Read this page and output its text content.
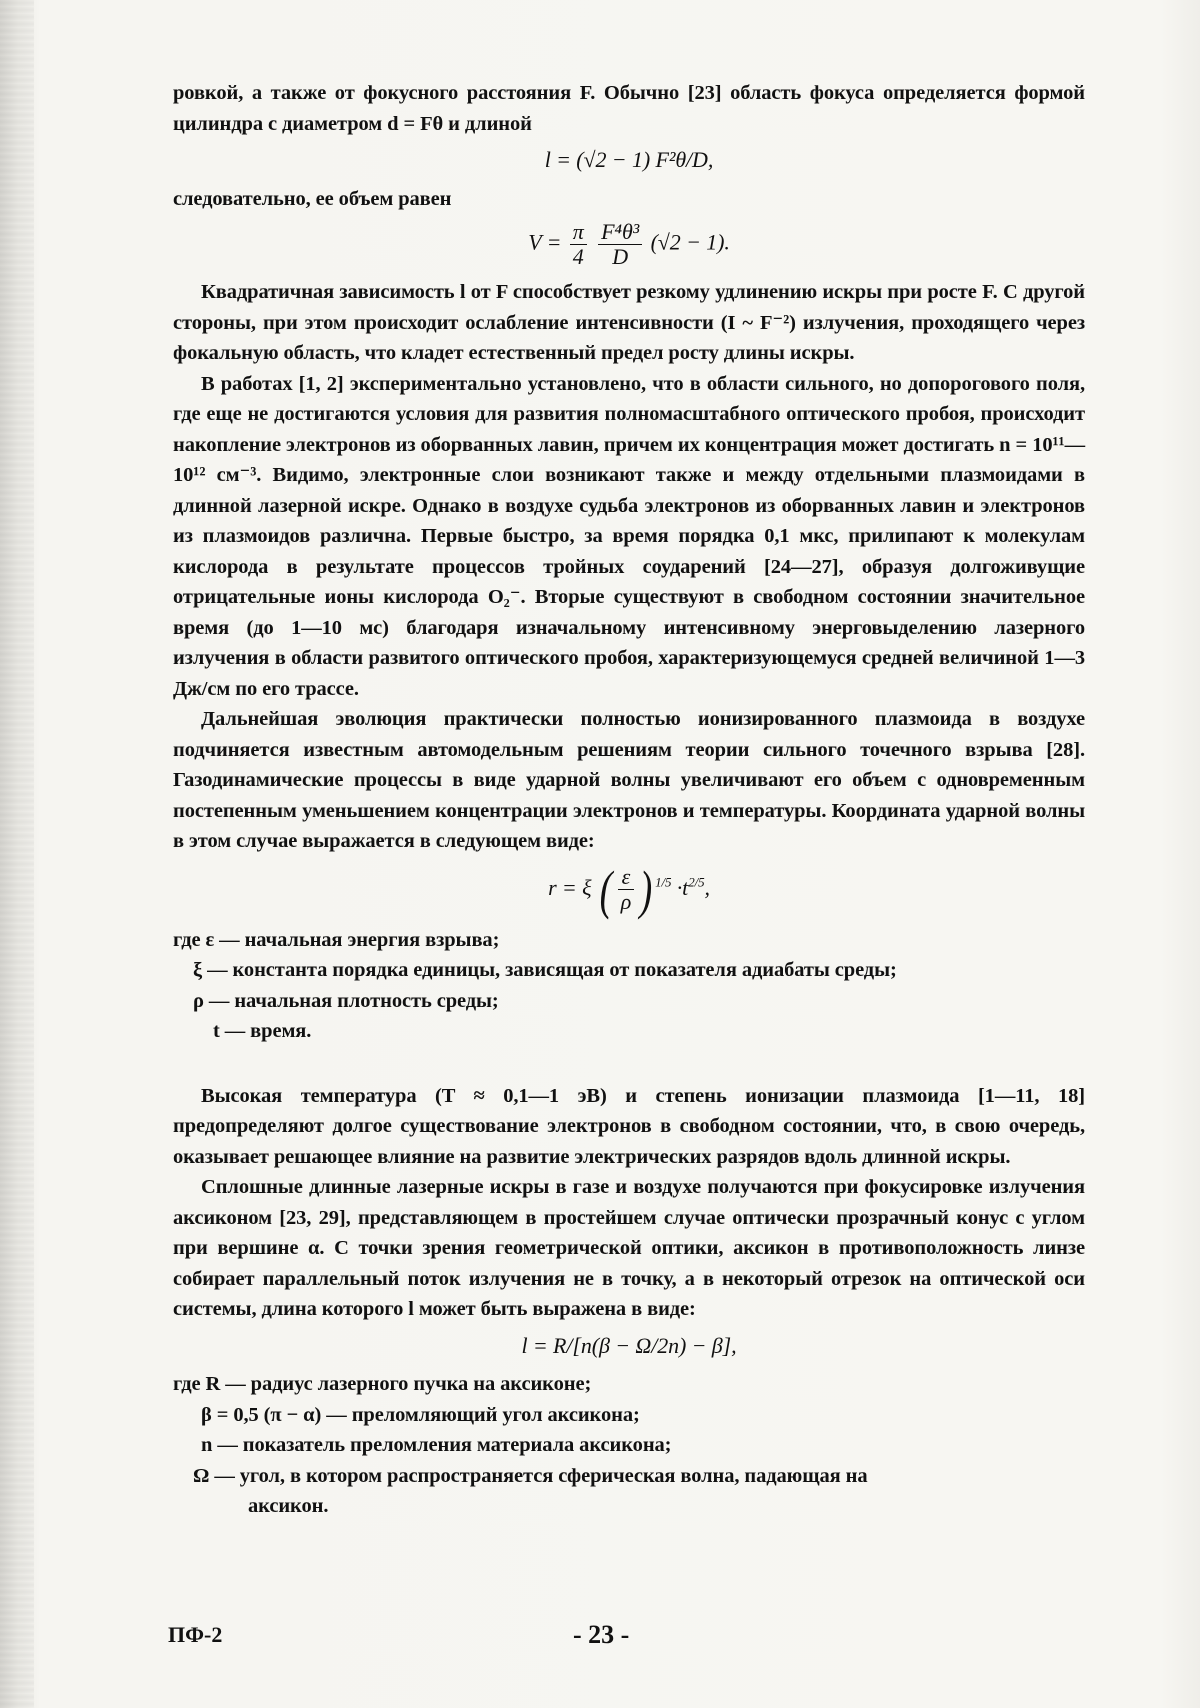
ровкой, а также от фокусного расстояния F. Обычно [23] область фокуса определяется формой цилиндра с диаметром d = Fθ и длиной

l = (√2 − 1) F²θ/D,

следовательно, ее объем равен

$V = \frac{\pi}{4}$
$\frac{\text{F⁴θ³}}{D} (√2 - 1)$.

Квадратичная зависимость l от F способствует резкому удлинению искры при росте F. С другой стороны, при этом происходит ослабление интенсивности (I ~ F⁻²) излучения, проходящего через фокальную область, что кладет естественный предел росту длины искры.

В работах [1, 2] экспериментально установлено, что в области сильного, но допорогового поля, где еще не достигаются условия для развития полномасштабного оптического пробоя, происходит накопление электронов из оборванных лавин, причем их концентрация может достигать n = 10¹¹—10¹² см⁻³. Видимо, электронные слои возникают также и между отдельными плазмоидами в длинной лазерной искре. Однако в воздухе судьба электронов из оборванных лавин и электронов из плазмоидов различна. Первые быстро, за время порядка 0,1 мкс, прилипают к молекулам кислорода в результате процессов тройных соударений [24—27], образуя долгоживущие отрицательные ионы кислорода O₂⁻. Вторые существуют в свободном состоянии значительное время (до 1—10 мс) благодаря изначальному интенсивному энерговыделению лазерного излучения в области развитого оптического пробоя, характеризующемуся средней величиной 1—3 Дж/см по его трассе.

Дальнейшая эволюция практически полностью ионизированного плазмоида в воздухе подчиняется известным автомодельным решениям теории сильного точечного взрыва [28]. Газодинамические процессы в виде ударной волны увеличивают его объем с одновременным постепенным уменьшением концентрации электронов и температуры. Координата ударной волны в этом случае выражается в следующем виде:

r = ξ ( $\frac{\varepsilon}{\rho}$ ) $^{1/5} \cdot t^{2/5}$,

где ε — начальная энергия взрыва;

ξ — константа порядка единицы, зависящая от показателя адиабаты среды;

ρ — начальная плотность среды;

t — время.

Высокая температура (T ≈ 0,1—1 эВ) и степень ионизации плазмоида [1—11, 18] предопределяют долгое существование электронов в свободном состоянии, что, в свою очередь, оказывает решающее влияние на развитие электрических разрядов вдоль длинной искры.

Сплошные длинные лазерные искры в газе и воздухе получаются при фокусировке излучения аксиконом [23, 29], представляющем в простейшем случае оптически прозрачный конус с углом при вершине α. С точки зрения геометрической оптики, аксикон в противоположность линзе собирает параллельный поток излучения не в точку, а в некоторый отрезок на оптической оси системы, длина которого l может быть выражена в виде:

l = R/[n(β − Ω/2n) − β],

где R — радиус лазерного пучка на аксиконе;

β = 0,5 (π − α) — преломляющий угол аксикона;

n — показатель преломления материала аксикона;

Ω — угол, в котором распространяется сферическая волна, падающая на

аксикон.

ПФ-2	- 23 -
